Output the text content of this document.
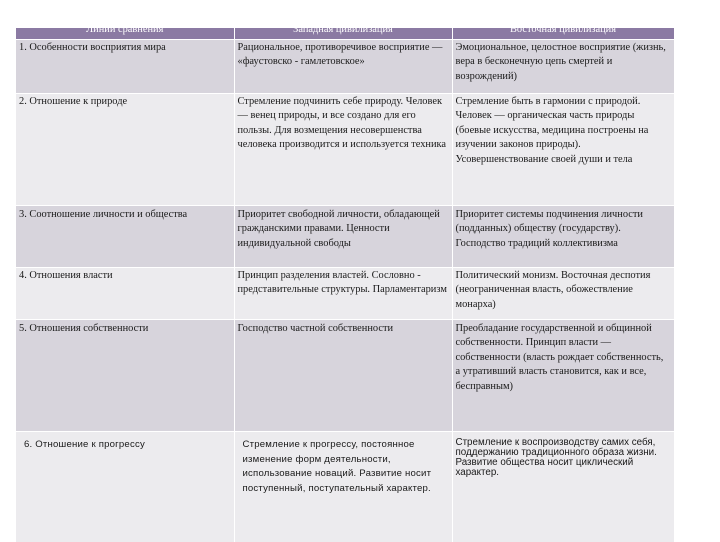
Линии сравнения	Западная цивилизация	Восточная цивилизация

1. Особенности восприятия мира	Рациональное, противоречивое восприятие — «фаустовско - гамлетовское»	Эмоциональное, целостное восприятие (жизнь, вера в бесконечную цепь смертей и возрождений)
2. Отношение к природе	Стремление подчинить себе природу. Человек — венец природы, и все создано для его пользы. Для возмещения несовершенства человека производится и используется техника	Стремление быть в гармонии с природой. Человек — органическая часть природы (боевые искусства, медицина построены на изучении законов природы). Усовершенствование своей души и тела
3. Соотношение личности и общества	Приоритет свободной личности, обладающей гражданскими правами. Ценности индивидуальной свободы	Приоритет системы подчинения личности (подданных) обществу (государству). Господство традиций коллективизма
4. Отношения власти	Принцип разделения властей. Сословно - представительные структуры. Парламентаризм	Политический монизм. Восточная деспотия (неограниченная власть, обожествление монарха)
5. Отношения собственности	Господство частной собственности	Преобладание государственной и общинной собственности. Принцип власти — собственности (власть рождает собственность, а утративший власть становится, как и все, бесправным)
6. Отношение к прогрессу	Стремление к прогрессу, постоянное изменение форм деятельности, использование новаций. Развитие носит поступенный, поступательный характер.	Стремление к воспроизводству самих себя, поддержанию традиционного образа жизни. Развитие общества носит циклический характер.
